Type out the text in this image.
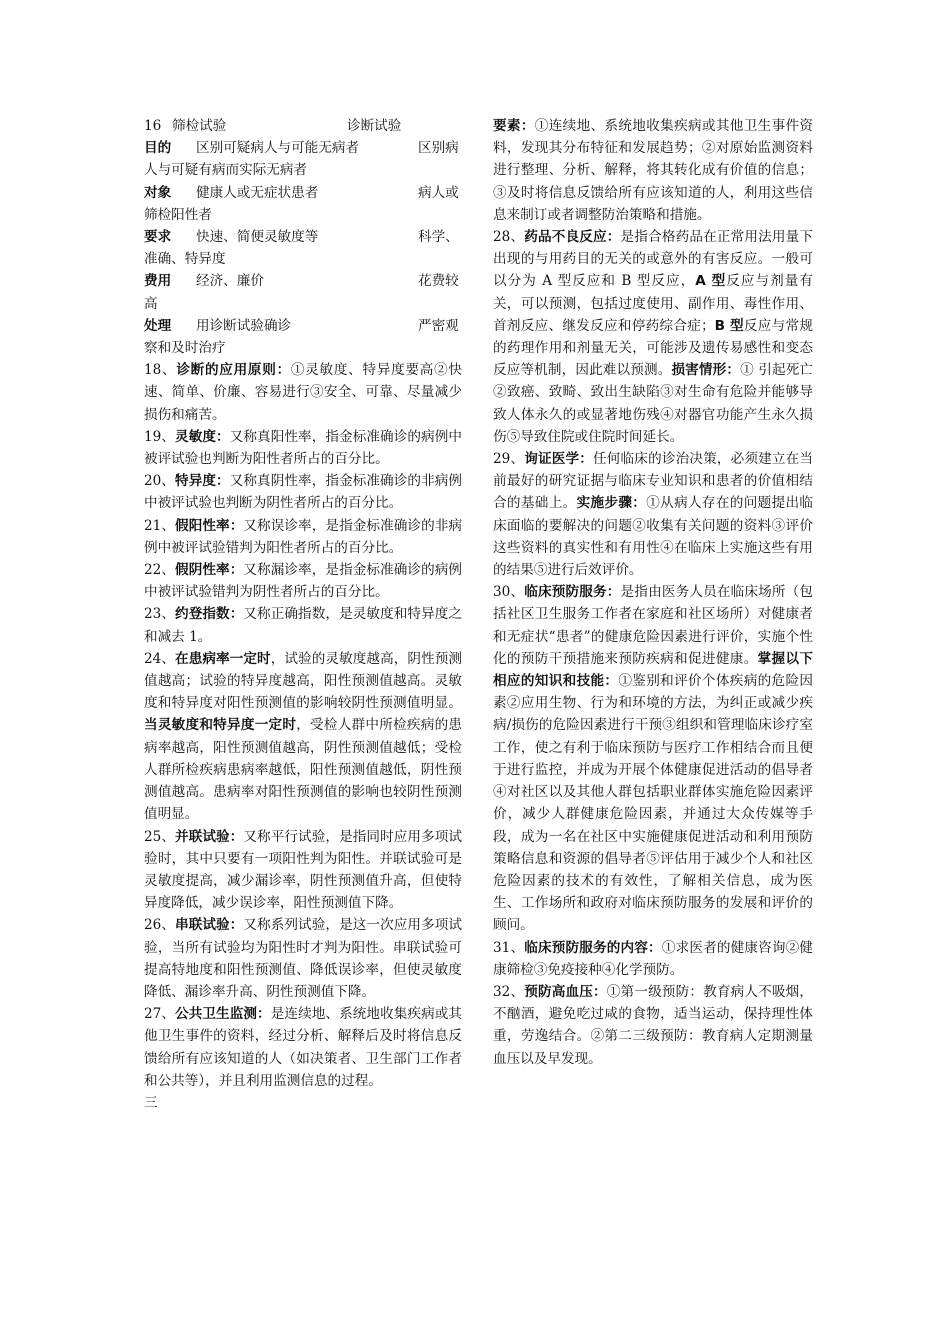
16 筛检试验	诊断试验
目的	区别可疑病人与可能无病者	区别病
人与可疑有病而实际无病者
对象	健康人或无症状患者	病人或
筛检阳性者
要求	快速、简便灵敏度等	科学、
准确、特异度
费用	经济、廉价	花费较
高
处理	用诊断试验确诊	严密观
察和及时治疗

18、诊断的应用原则：①灵敏度、特异度要高②快速、简单、价廉、容易进行③安全、可靠、尽量减少损伤和痛苦。

19、灵敏度：又称真阳性率，指金标准确诊的病例中被评试验也判断为阳性者所占的百分比。

20、特异度：又称真阴性率，指金标准确诊的非病例中被评试验也判断为阴性者所占的百分比。

21、假阳性率：又称误诊率，是指金标准确诊的非病例中被评试验错判为阳性者所占的百分比。

22、假阴性率：又称漏诊率，是指金标准确诊的病例中被评试验错判为阴性者所占的百分比。

23、约登指数：又称正确指数，是灵敏度和特异度之和减去 1。

24、在患病率一定时，试验的灵敏度越高，阴性预测值越高；试验的特异度越高，阳性预测值越高。灵敏度和特异度对阳性预测值的影响较阴性预测值明显。当灵敏度和特异度一定时，受检人群中所检疾病的患病率越高，阳性预测值越高，阴性预测值越低；受检人群所检疾病患病率越低，阳性预测值越低，阴性预测值越高。患病率对阳性预测值的影响也较阴性预测值明显。

25、并联试验：又称平行试验，是指同时应用多项试验时，其中只要有一项阳性判为阳性。并联试验可是灵敏度提高，减少漏诊率，阴性预测值升高，但使特异度降低，减少误诊率，阳性预测值下降。

26、串联试验：又称系列试验，是这一次应用多项试验，当所有试验均为阳性时才判为阳性。串联试验可提高特地度和阳性预测值、降低误诊率，但使灵敏度降低、漏诊率升高、阴性预测值下降。

27、公共卫生监测：是连续地、系统地收集疾病或其他卫生事件的资料，经过分析、解释后及时将信息反馈给所有应该知道的人（如决策者、卫生部门工作者和公共等），并且利用监测信息的过程。

三

要素：①连续地、系统地收集疾病或其他卫生事件资料，发现其分布特征和发展趋势；②对原始监测资料进行整理、分析、解释，将其转化成有价值的信息；③及时将信息反馈给所有应该知道的人，利用这些信息来制订或者调整防治策略和措施。

28、药品不良反应：是指合格药品在正常用法用量下出现的与用药目的无关的或意外的有害反应。一般可以分为 A 型反应和 B 型反应，A 型反应与剂量有关，可以预测，包括过度使用、副作用、毒性作用、首剂反应、继发反应和停药综合症；B 型反应与常规的药理作用和剂量无关，可能涉及遗传易感性和变态反应等机制，因此难以预测。损害情形：① 引起死亡②致癌、致畸、致出生缺陷③对生命有危险并能够导致人体永久的或显著地伤残④对器官功能产生永久损伤⑤导致住院或住院时间延长。

29、询证医学：任何临床的诊治决策，必须建立在当前最好的研究证据与临床专业知识和患者的价值相结合的基础上。实施步骤：①从病人存在的问题提出临床面临的要解决的问题②收集有关问题的资料③评价这些资料的真实性和有用性④在临床上实施这些有用的结果⑤进行后效评价。

30、临床预防服务：是指由医务人员在临床场所（包括社区卫生服务工作者在家庭和社区场所）对健康者和无症状“患者”的健康危险因素进行评价，实施个性化的预防干预措施来预防疾病和促进健康。掌握以下相应的知识和技能：①鉴别和评价个体疾病的危险因素②应用生物、行为和环境的方法，为纠正或减少疾病/损伤的危险因素进行干预③组织和管理临床诊疗室工作，使之有利于临床预防与医疗工作相结合而且便于进行监控，并成为开展个体健康促进活动的倡导者④对社区以及其他人群包括职业群体实施危险因素评价，减少人群健康危险因素，并通过大众传媒等手段，成为一名在社区中实施健康促进活动和利用预防策略信息和资源的倡导者⑤评估用于减少个人和社区危险因素的技术的有效性，了解相关信息，成为医生、工作场所和政府对临床预防服务的发展和评价的顾问。

31、临床预防服务的内容：①求医者的健康咨询②健康筛检③免疫接种④化学预防。

32、预防高血压：①第一级预防：教育病人不吸烟，不酗酒，避免吃过咸的食物，适当运动，保持理性体重，劳逸结合。②第二三级预防：教育病人定期测量血压以及早发现。
